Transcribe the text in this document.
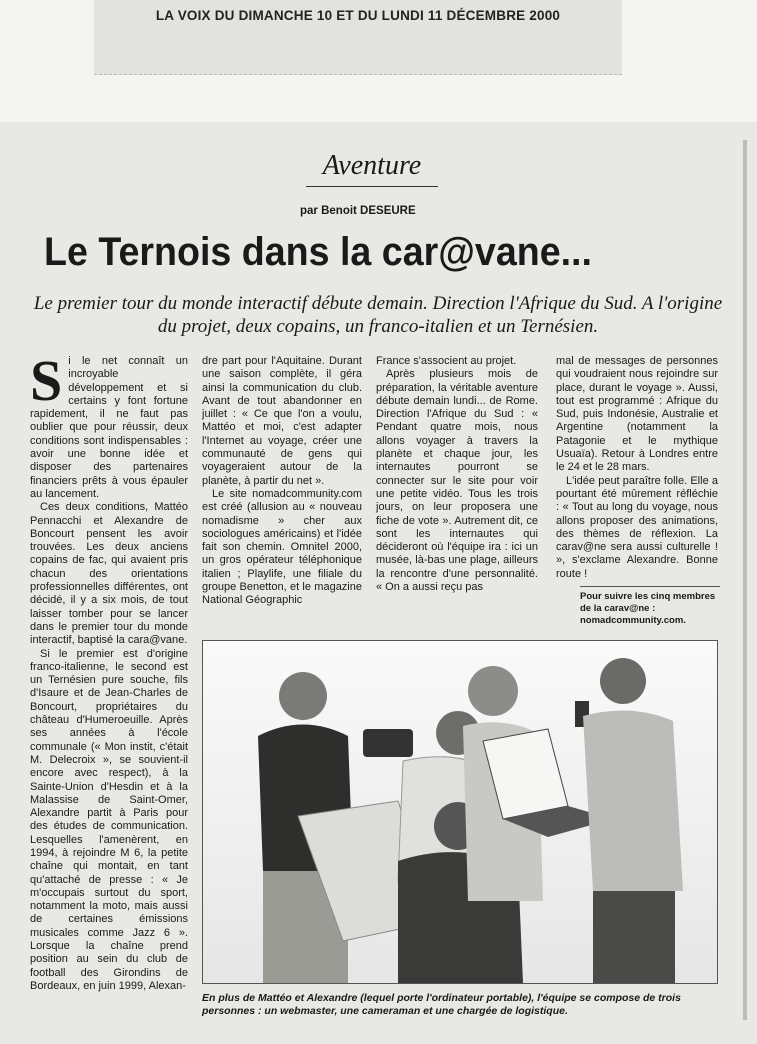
LA VOIX DU DIMANCHE 10 ET DU LUNDI 11 DÉCEMBRE 2000
Aventure
par Benoit DESEURE
Le Ternois dans la car@vane...
Le premier tour du monde interactif débute demain. Direction l'Afrique du Sud. A l'origine du projet, deux copains, un franco-italien et un Ternésien.

Si le net connaît un incroyable développement et si certains y font fortune rapidement, il ne faut pas oublier que pour réussir, deux conditions sont indispensables : avoir une bonne idée et disposer des partenaires financiers prêts à vous épauler au lancement.

Ces deux conditions, Mattéo Pennacchi et Alexandre de Boncourt pensent les avoir trouvées. Les deux anciens copains de fac, qui avaient pris chacun des orientations professionnelles différentes, ont décidé, il y a six mois, de tout laisser tomber pour se lancer dans le premier tour du monde interactif, baptisé la cara@vane.

Si le premier est d'origine franco-italienne, le second est un Ternésien pure souche, fils d'Isaure et de Jean-Charles de Boncourt, propriétaires du château d'Humeroeuille. Après ses années à l'école communale (« Mon instit, c'était M. Delecroix », se souvient-il encore avec respect), à la Sainte-Union d'Hesdin et à la Malassise de Saint-Omer, Alexandre partit à Paris pour des études de communication. Lesquelles l'amenèrent, en 1994, à rejoindre M 6, la petite chaîne qui montait, en tant qu'attaché de presse : « Je m'occupais surtout du sport, notamment la moto, mais aussi de certaines émissions musicales comme Jazz 6 ». Lorsque la chaîne prend position au sein du club de football des Girondins de Bordeaux, en juin 1999, Alexan-

dre part pour l'Aquitaine. Durant une saison complète, il géra ainsi la communication du club. Avant de tout abandonner en juillet : « Ce que l'on a voulu, Mattéo et moi, c'est adapter l'Internet au voyage, créer une communauté de gens qui voyageraient autour de la planète, à partir du net ».

Le site nomadcommunity.com est créé (allusion au « nouveau nomadisme » cher aux sociologues américains) et l'idée fait son chemin. Omnitel 2000, un gros opérateur téléphonique italien ; Playlife, une filiale du groupe Benetton, et le magazine National Géographic

France s'associent au projet.

Après plusieurs mois de préparation, la véritable aventure débute demain lundi... de Rome. Direction l'Afrique du Sud : « Pendant quatre mois, nous allons voyager à travers la planète et chaque jour, les internautes pourront se connecter sur le site pour voir une petite vidéo. Tous les trois jours, on leur proposera une fiche de vote ». Autrement dit, ce sont les internautes qui décideront où l'équipe ira : ici un musée, là-bas une plage, ailleurs la rencontre d'une personnalité. « On a aussi reçu pas

mal de messages de personnes qui voudraient nous rejoindre sur place, durant le voyage ». Aussi, tout est programmé : Afrique du Sud, puis Indonésie, Australie et Argentine (notamment la Patagonie et le mythique Usuaïa). Retour à Londres entre le 24 et le 28 mars.

L'idée peut paraître folle. Elle a pourtant été mûrement réfléchie : « Tout au long du voyage, nous allons proposer des animations, des thèmes de réflexion. La carav@ne sera aussi culturelle ! », s'exclame Alexandre. Bonne route !

Pour suivre les cinq membres de la carav@ne : nomadcommunity.com.
En plus de Mattéo et Alexandre (lequel porte l'ordinateur portable), l'équipe se compose de trois personnes : un webmaster, une cameraman et une chargée de logistique.
